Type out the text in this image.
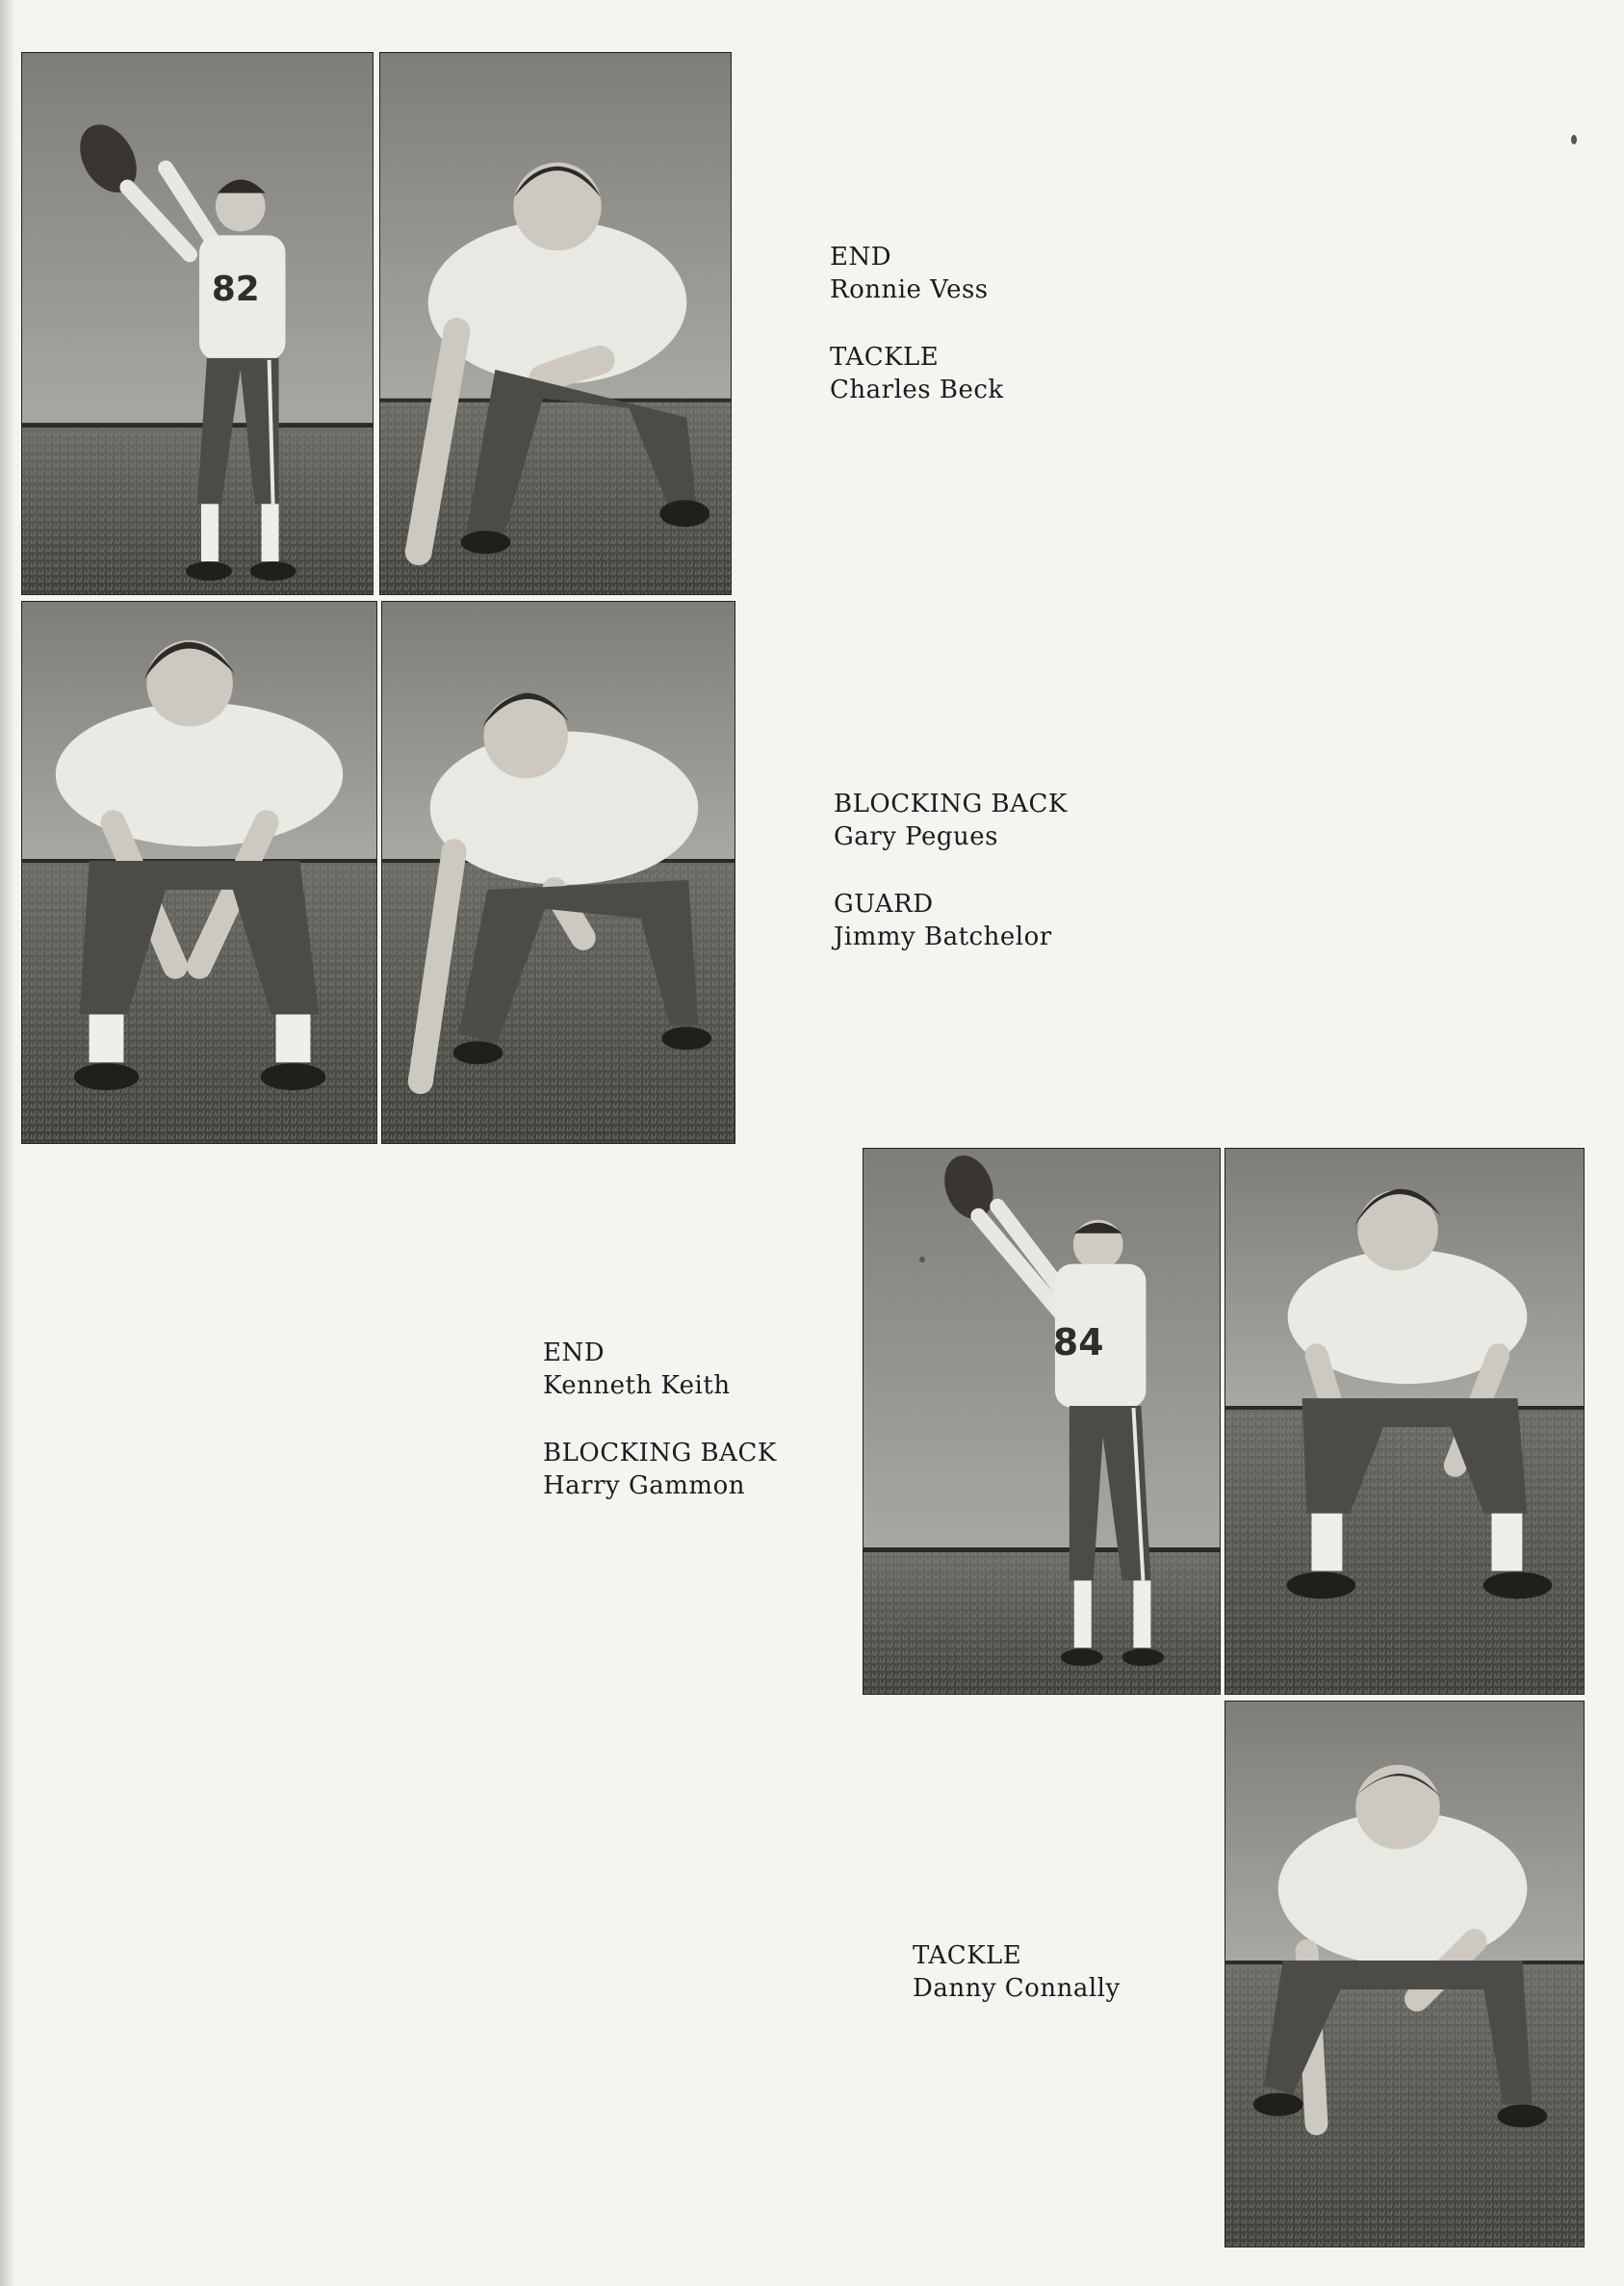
82
84
END
Ronnie Vess
TACKLE
Charles Beck
BLOCKING BACK
Gary Pegues
GUARD
Jimmy Batchelor
END
Kenneth Keith
BLOCKING BACK
Harry Gammon
TACKLE
Danny Connally
